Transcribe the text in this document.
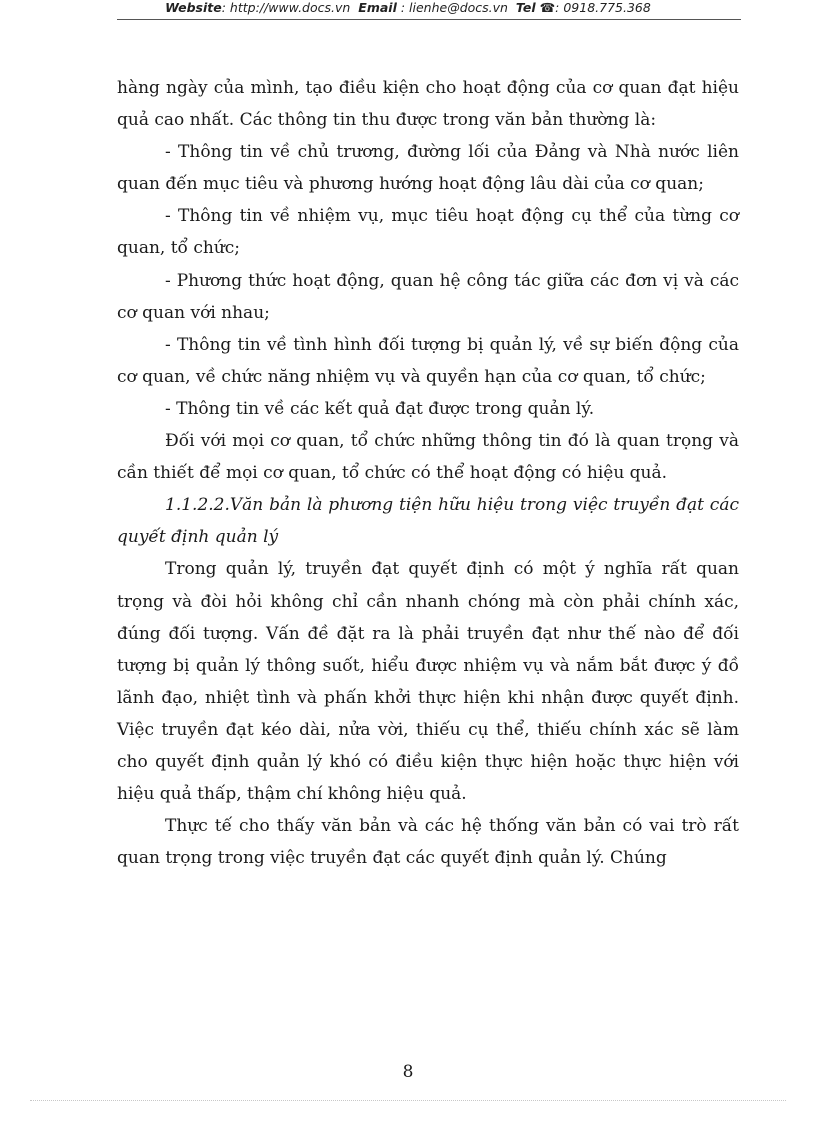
Website: http://www.docs.vn Email : lienhe@docs.vn Tel ☎: 0918.775.368

hàng ngày của mình, tạo điều kiện cho hoạt động của cơ quan đạt hiệu quả cao nhất. Các thông tin thu được trong văn bản thường là:

- Thông tin về chủ trương, đường lối của Đảng và Nhà nước liên quan đến mục tiêu và phương hướng hoạt động lâu dài của cơ quan;

- Thông tin về nhiệm vụ, mục tiêu hoạt động cụ thể của từng cơ quan, tổ chức;

- Phương thức hoạt động, quan hệ công tác giữa các đơn vị và các cơ quan với nhau;

- Thông tin về tình hình đối tượng bị quản lý, về sự biến động của cơ quan, về chức năng nhiệm vụ và quyền hạn của cơ quan, tổ chức;

- Thông tin về các kết quả đạt được trong quản lý.

Đối với mọi cơ quan, tổ chức những thông tin đó là quan trọng và cần thiết để mọi cơ quan, tổ chức có thể hoạt động có hiệu quả.

1.1.2.2.Văn bản là phương tiện hữu hiệu trong việc truyền đạt các quyết định quản lý

Trong quản lý, truyền đạt quyết định có một ý nghĩa rất quan trọng và đòi hỏi không chỉ cần nhanh chóng mà còn phải chính xác, đúng đối tượng. Vấn đề đặt ra là phải truyền đạt như thế nào để đối tượng bị quản lý thông suốt, hiểu được nhiệm vụ và nắm bắt được ý đồ lãnh đạo, nhiệt tình và phấn khởi thực hiện khi nhận được quyết định. Việc truyền đạt kéo dài, nửa vời, thiếu cụ thể, thiếu chính xác sẽ làm cho quyết định quản lý khó có điều kiện thực hiện hoặc thực hiện với hiệu quả thấp, thậm chí không hiệu quả.

Thực tế cho thấy văn bản và các hệ thống văn bản có vai trò rất quan trọng trong việc truyền đạt các quyết định quản lý. Chúng

8
